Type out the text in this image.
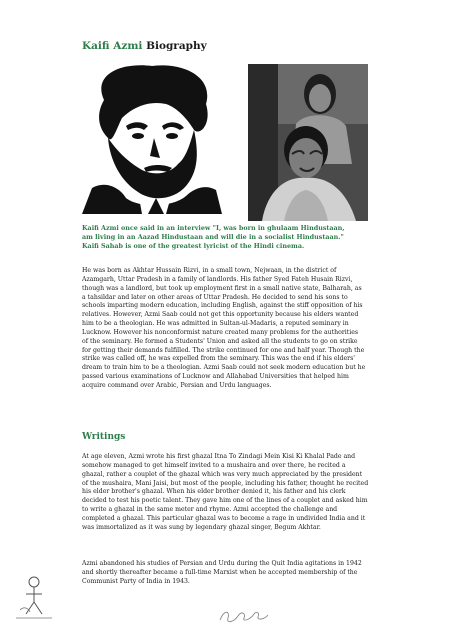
Kaifi Azmi Biography
Kaifi Azmi once said in an interview "I, was born in ghulaam Hindustaan,
am living in an Aazad Hindustaan and will die in a socialist Hindustaan."
Kaifi Sahab is one of the greatest lyricist of the Hindi cinema.
He was born as Akhtar Hussain Rizvi, in a small town, Nejwaan, in the district of
Azamgarh, Uttar Pradesh in a family of landlords. His father Syed Fateh Husain Rizvi,
though was a landlord, but took up employment first in a small native state, Balharah, as
a tahsildar and later on other areas of Uttar Pradesh. He decided to send his sons to
schools imparting modern education, including English, against the stiff opposition of his
relatives. However, Azmi Saab could not get this opportunity because his elders wanted
him to be a theologian. He was admitted in Sultan-ul-Madaris, a reputed seminary in
Lucknow. However his nonconformist nature created many problems for the authorities
of the seminary. He formed a Students' Union and asked all the students to go on strike
for getting their demands fulfilled. The strike continued for one and half year. Though the
strike was called off, he was expelled from the seminary. This was the end if his elders'
dream to train him to be a theologian. Azmi Saab could not seek modern education but he
passed various examinations of Lucknow and Allahabad Universities that helped him
acquire command over Arabic, Persian and Urdu languages.
Writings
At age eleven, Azmi wrote his first ghazal Itna To Zindagi Mein Kisi Ki Khalal Pade and
somehow managed to get himself invited to a mushaira and over there, he recited a
ghazal, rather a couplet of the ghazal which was very much appreciated by the president
of the mushaira, Mani Jaisi, but most of the people, including his father, thought he recited
his elder brother's ghazal. When his elder brother denied it, his father and his clerk
decided to test his poetic talent. They gave him one of the lines of a couplet and asked him
to write a ghazal in the same meter and rhyme. Azmi accepted the challenge and
completed a ghazal. This particular ghazal was to become a rage in undivided India and it
was immortalized as it was sung by legendary ghazal singer, Begum Akhtar.
Azmi abandoned his studies of Persian and Urdu during the Quit India agitations in 1942
and shortly thereafter became a full-time Marxist when he accepted membership of the
Communist Party of India in 1943.
